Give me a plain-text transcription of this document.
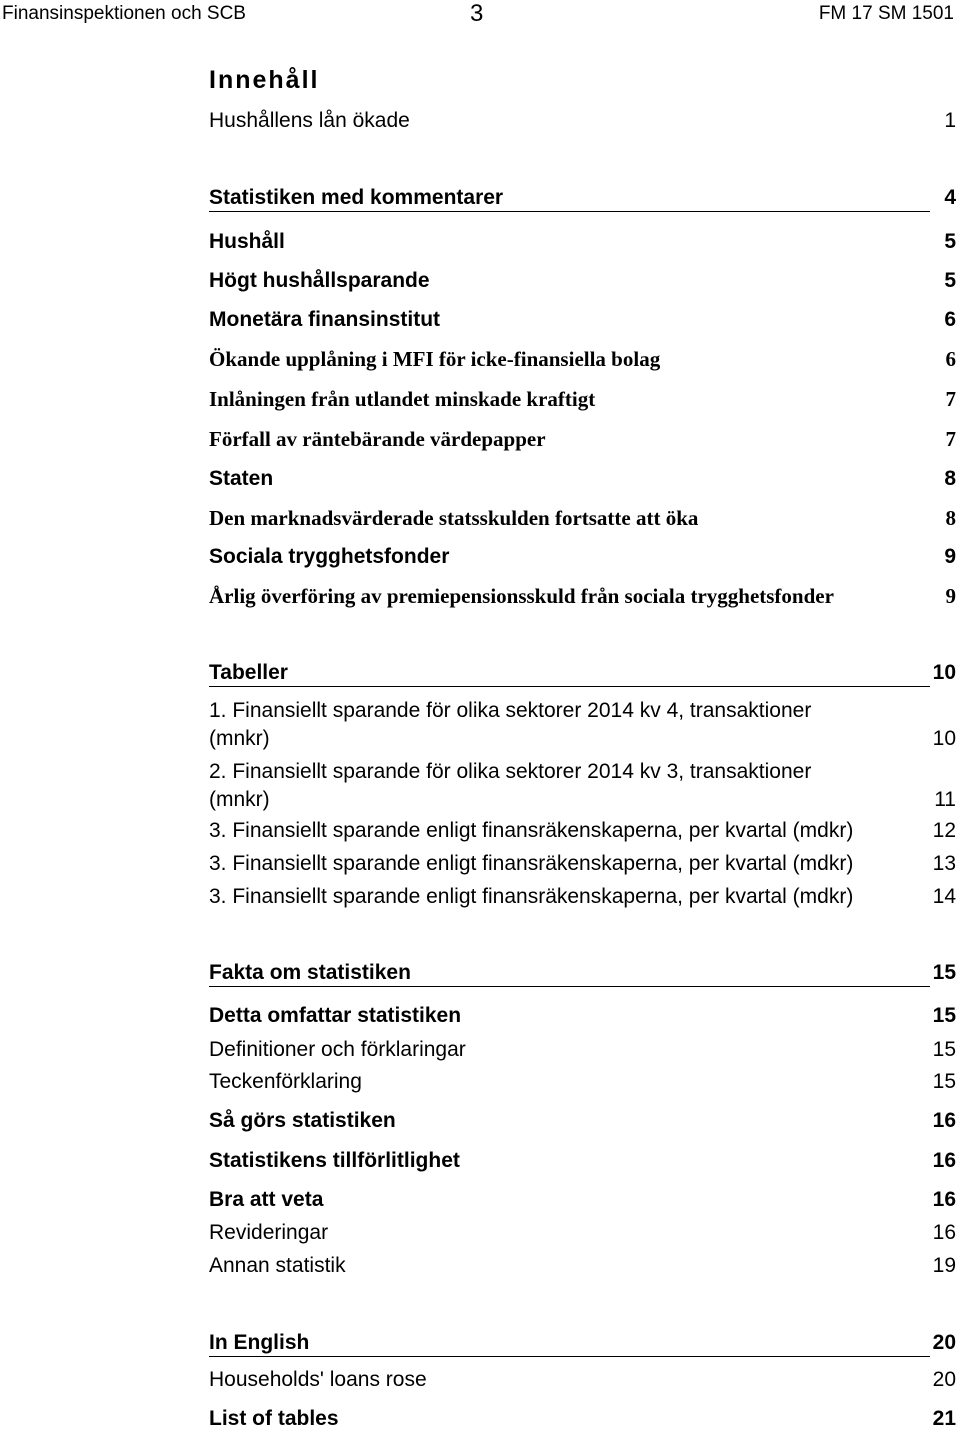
Finansinspektionen och SCB	3	FM 17 SM 1501
Innehåll
Hushållens lån ökade	1
Statistiken med kommentarer	4
Hushåll	5
Högt hushållsparande	5
Monetära finansinstitut	6
Ökande upplåning i MFI för icke-finansiella bolag	6
Inlåningen från utlandet minskade kraftigt	7
Förfall av räntebärande värdepapper	7
Staten	8
Den marknadsvärderade statsskulden fortsatte att öka	8
Sociala trygghetsfonder	9
Årlig överföring av premiepensionsskuld från sociala trygghetsfonder	9
Tabeller	10
1. Finansiellt sparande för olika sektorer 2014 kv 4, transaktioner
(mnkr)	10
2. Finansiellt sparande för olika sektorer 2014 kv 3, transaktioner
(mnkr)	11
3. Finansiellt sparande enligt finansräkenskaperna, per kvartal (mdkr)	12
3. Finansiellt sparande enligt finansräkenskaperna, per kvartal (mdkr)	13
3. Finansiellt sparande enligt finansräkenskaperna, per kvartal (mdkr)	14
Fakta om statistiken	15
Detta omfattar statistiken	15
Definitioner och förklaringar	15
Teckenförklaring	15
Så görs statistiken	16
Statistikens tillförlitlighet	16
Bra att veta	16
Revideringar	16
Annan statistik	19
In English	20
Households' loans rose	20
List of tables	21
